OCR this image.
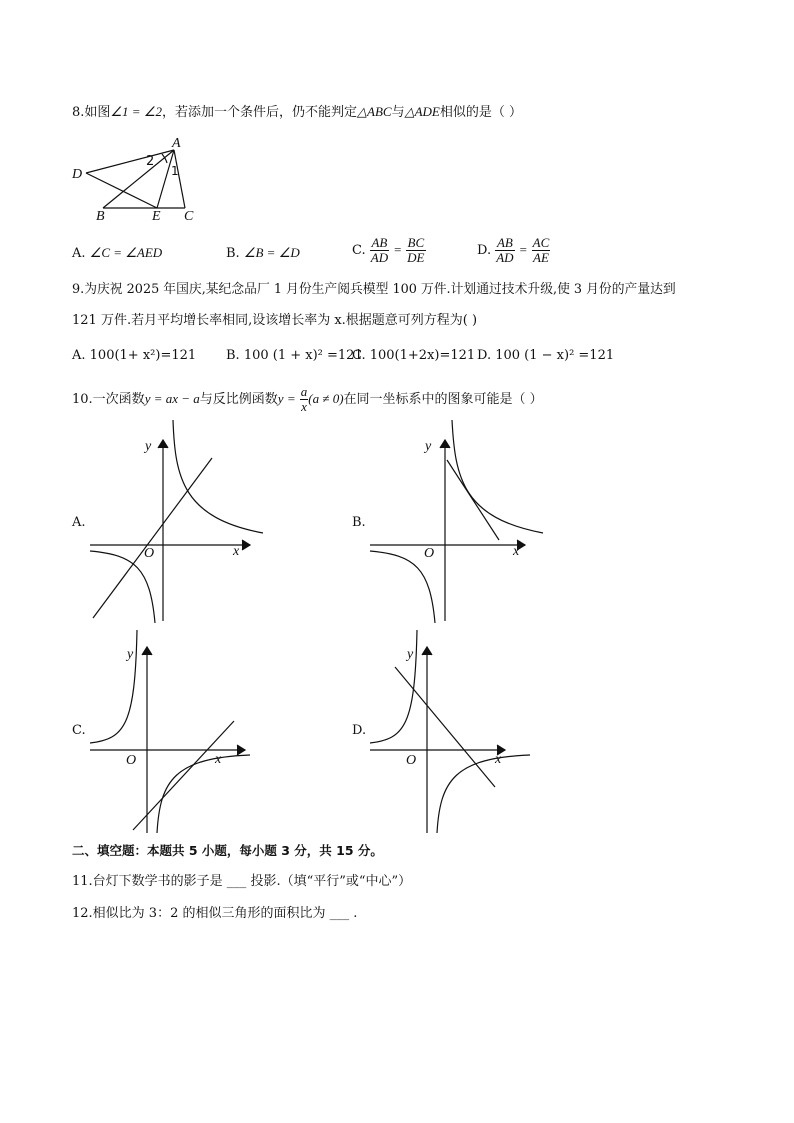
8.如图∠1 = ∠2，若添加一个条件后，仍不能判定△ABC与△ADE相似的是（ ）
A
D
B	E C
2
1
A. ∠C = ∠AED	B. ∠B = ∠D	C. $\frac{AB}{AD} = \frac{BC}{DE}$	D. $\frac{AB}{AD} = \frac{AC}{AE}$
9.为庆祝 2025 年国庆,某纪念品厂 1 月份生产阅兵模型 100 万件.计划通过技术升级,使 3 月份的产量达到
121 万件.若月平均增长率相同,设该增长率为 x.根据题意可列方程为( )
A. 100(1+ x²)=121 B. 100 (1 + x)² =121
C. 100(1+2x)=121 D. 100 (1 − x)² =121
10.一次函数y = ax − a与反比例函数$y = \frac{a}{x} (a \ne 0)$在同一坐标系中的图象可能是（ ）
A.
y
x
O
B.
y
x
O
C.
y
x
O
D.
y
x
O
二、填空题：本题共 5 小题，每小题 3 分，共 15 分。
11.台灯下数学书的影子是 ___ 投影.（填“平行”或“中心”）
12.相似比为 3：2 的相似三角形的面积比为 ___ .
